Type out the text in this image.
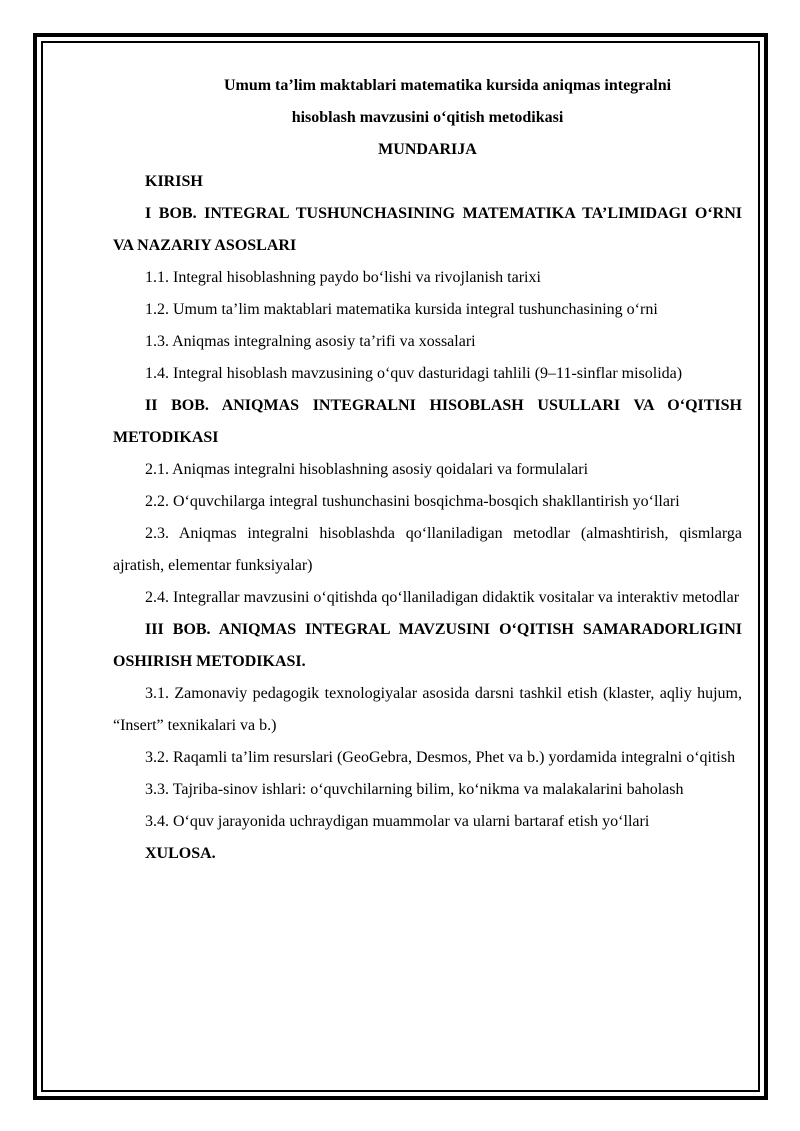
Umum ta’lim maktablari matematika kursida aniqmas integralni

hisoblash mavzusini o‘qitish metodikasi

MUNDARIJA

KIRISH

I BOB. INTEGRAL TUSHUNCHASINING MATEMATIKA TA’LIMIDAGI O‘RNI VA NAZARIY ASOSLARI

1.1. Integral hisoblashning paydo bo‘lishi va rivojlanish tarixi

1.2. Umum ta’lim maktablari matematika kursida integral tushunchasining o‘rni

1.3. Aniqmas integralning asosiy ta’rifi va xossalari

1.4. Integral hisoblash mavzusining o‘quv dasturidagi tahlili (9–11-sinflar misolida)

II BOB. ANIQMAS INTEGRALNI HISOBLASH USULLARI VA O‘QITISH METODIKASI

2.1. Aniqmas integralni hisoblashning asosiy qoidalari va formulalari

2.2. O‘quvchilarga integral tushunchasini bosqichma-bosqich shakllantirish yo‘llari

2.3. Aniqmas integralni hisoblashda qo‘llaniladigan metodlar (almashtirish, qismlarga ajratish, elementar funksiyalar)

2.4. Integrallar mavzusini o‘qitishda qo‘llaniladigan didaktik vositalar va interaktiv metodlar

III BOB. ANIQMAS INTEGRAL MAVZUSINI O‘QITISH SAMARADORLIGINI OSHIRISH METODIKASI.

3.1. Zamonaviy pedagogik texnologiyalar asosida darsni tashkil etish (klaster, aqliy hujum, “Insert” texnikalari va b.)

3.2. Raqamli ta’lim resurslari (GeoGebra, Desmos, Phet va b.) yordamida integralni o‘qitish

3.3. Tajriba-sinov ishlari: o‘quvchilarning bilim, ko‘nikma va malakalarini baholash

3.4. O‘quv jarayonida uchraydigan muammolar va ularni bartaraf etish yo‘llari

XULOSA.
